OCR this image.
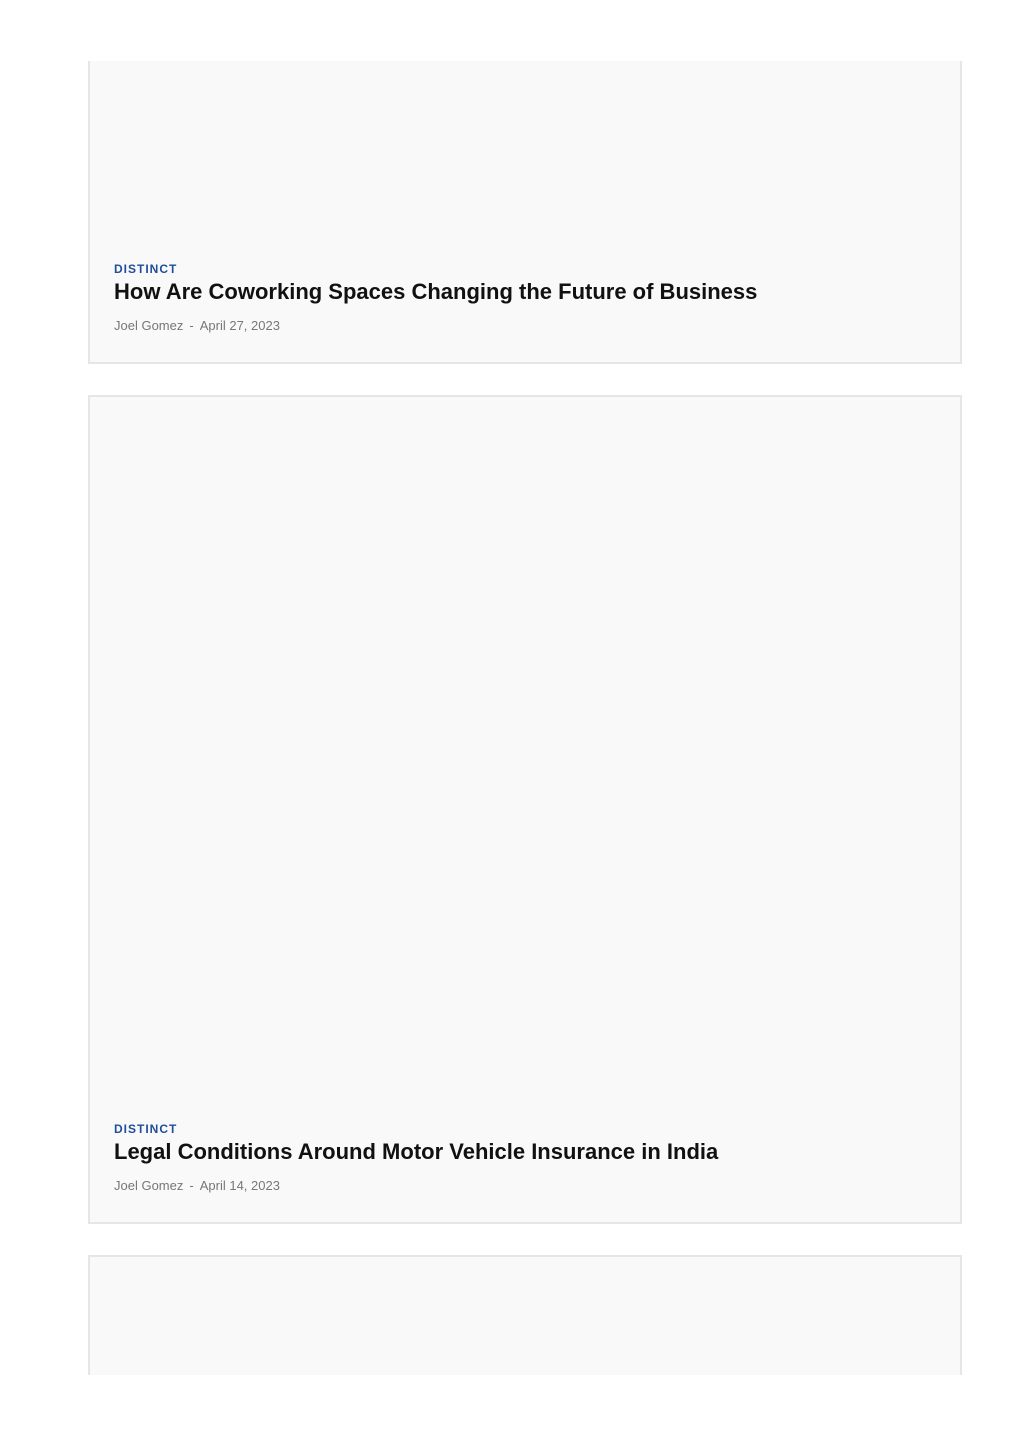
DISTINCT
How Are Coworking Spaces Changing the Future of Business
Joel Gomez - April 27, 2023
DISTINCT
Legal Conditions Around Motor Vehicle Insurance in India
Joel Gomez - April 14, 2023
